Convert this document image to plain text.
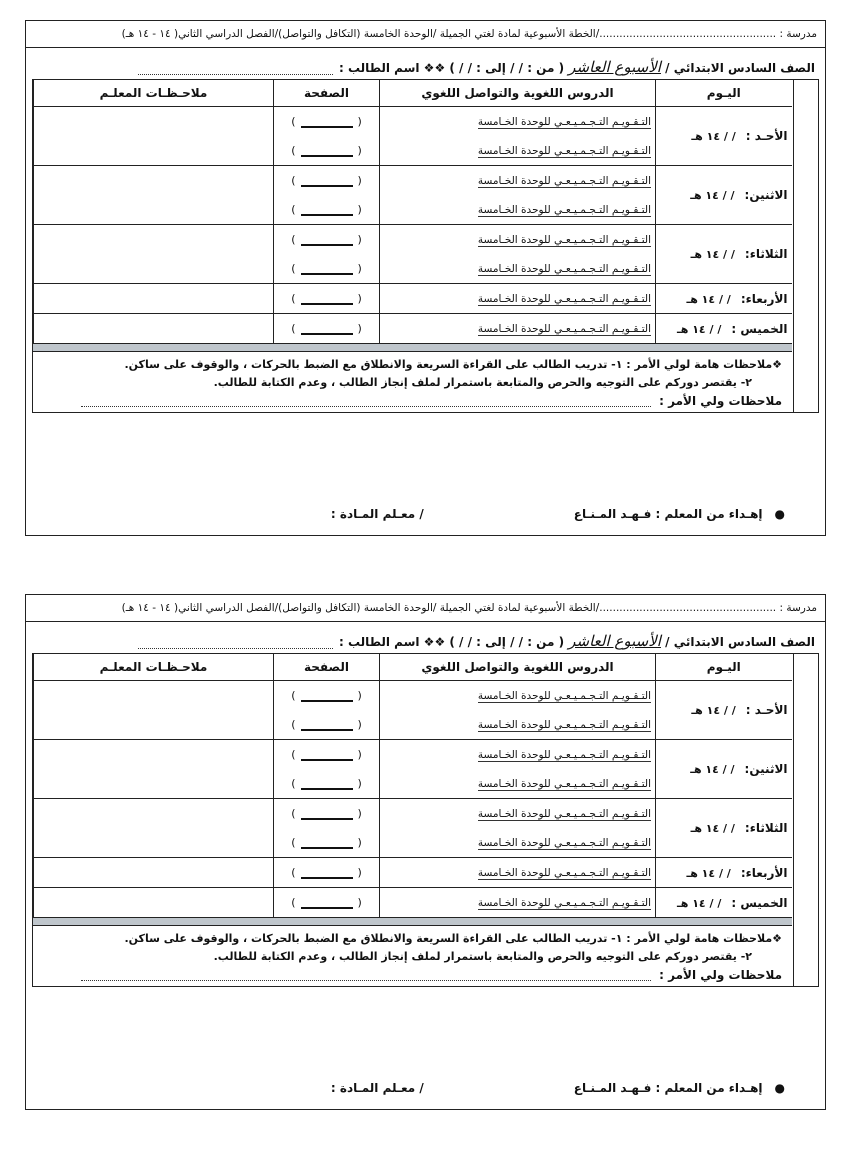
مدرسة : ...................................................../الخطة الأسبوعية لمادة لغتي الجميلة /الوحدة الخامسة (التكافل والتواصل)/الفصل الدراسي الثاني( ١٤ - ١٤ هـ)
الصف السادس الابتدائي / الأسبوع العاشر ( من : / / إلى : / / ) ❖❖ اسم الطالب :
اليـوم	الدروس اللغوية والتواصل اللغوي	الصفحة	ملاحـظـات المعلـم
الأحـد :/ / ١٤ هـ	التـقـويـم التـجـمـيـعـي للوحدة الخـامسة	()	
	التـقـويـم التـجـمـيـعـي للوحدة الخـامسة	()	
الاثنين:/ / ١٤ هـ	التـقـويـم التـجـمـيـعـي للوحدة الخـامسة	()	
	التـقـويـم التـجـمـيـعـي للوحدة الخـامسة	()	
الثلاثاء:/ / ١٤ هـ	التـقـويـم التـجـمـيـعـي للوحدة الخـامسة	()	
	التـقـويـم التـجـمـيـعـي للوحدة الخـامسة	()	
الأربعاء:/ / ١٤ هـ	التـقـويـم التـجـمـيـعـي للوحدة الخـامسة	()	
الخميس :/ / ١٤ هـ	التـقـويـم التـجـمـيـعـي للوحدة الخـامسة	()	
❖ملاحظات هامة لولي الأمر : ١- تدريب الطالب على القراءة السريعة والانطلاق مع الضبط بالحركات ، والوقوف على ساكن.
٢- يقتصر دوركم على التوجيه والحرص والمتابعة باستمرار لملف إنجاز الطالب ، وعدم الكتابة للطالب.
ملاحظات ولي الأمر :
●إهـداء من المعلم : فـهـد المـنـاع/ معـلم المـادة :
مدرسة : ...................................................../الخطة الأسبوعية لمادة لغتي الجميلة /الوحدة الخامسة (التكافل والتواصل)/الفصل الدراسي الثاني( ١٤ - ١٤ هـ)
الصف السادس الابتدائي / الأسبوع العاشر ( من : / / إلى : / / ) ❖❖ اسم الطالب :
اليـوم	الدروس اللغوية والتواصل اللغوي	الصفحة	ملاحـظـات المعلـم
الأحـد :/ / ١٤ هـ	التـقـويـم التـجـمـيـعـي للوحدة الخـامسة	()	
	التـقـويـم التـجـمـيـعـي للوحدة الخـامسة	()	
الاثنين:/ / ١٤ هـ	التـقـويـم التـجـمـيـعـي للوحدة الخـامسة	()	
	التـقـويـم التـجـمـيـعـي للوحدة الخـامسة	()	
الثلاثاء:/ / ١٤ هـ	التـقـويـم التـجـمـيـعـي للوحدة الخـامسة	()	
	التـقـويـم التـجـمـيـعـي للوحدة الخـامسة	()	
الأربعاء:/ / ١٤ هـ	التـقـويـم التـجـمـيـعـي للوحدة الخـامسة	()	
الخميس :/ / ١٤ هـ	التـقـويـم التـجـمـيـعـي للوحدة الخـامسة	()	
❖ملاحظات هامة لولي الأمر : ١- تدريب الطالب على القراءة السريعة والانطلاق مع الضبط بالحركات ، والوقوف على ساكن.
٢- يقتصر دوركم على التوجيه والحرص والمتابعة باستمرار لملف إنجاز الطالب ، وعدم الكتابة للطالب.
ملاحظات ولي الأمر :
●إهـداء من المعلم : فـهـد المـنـاع/ معـلم المـادة :
